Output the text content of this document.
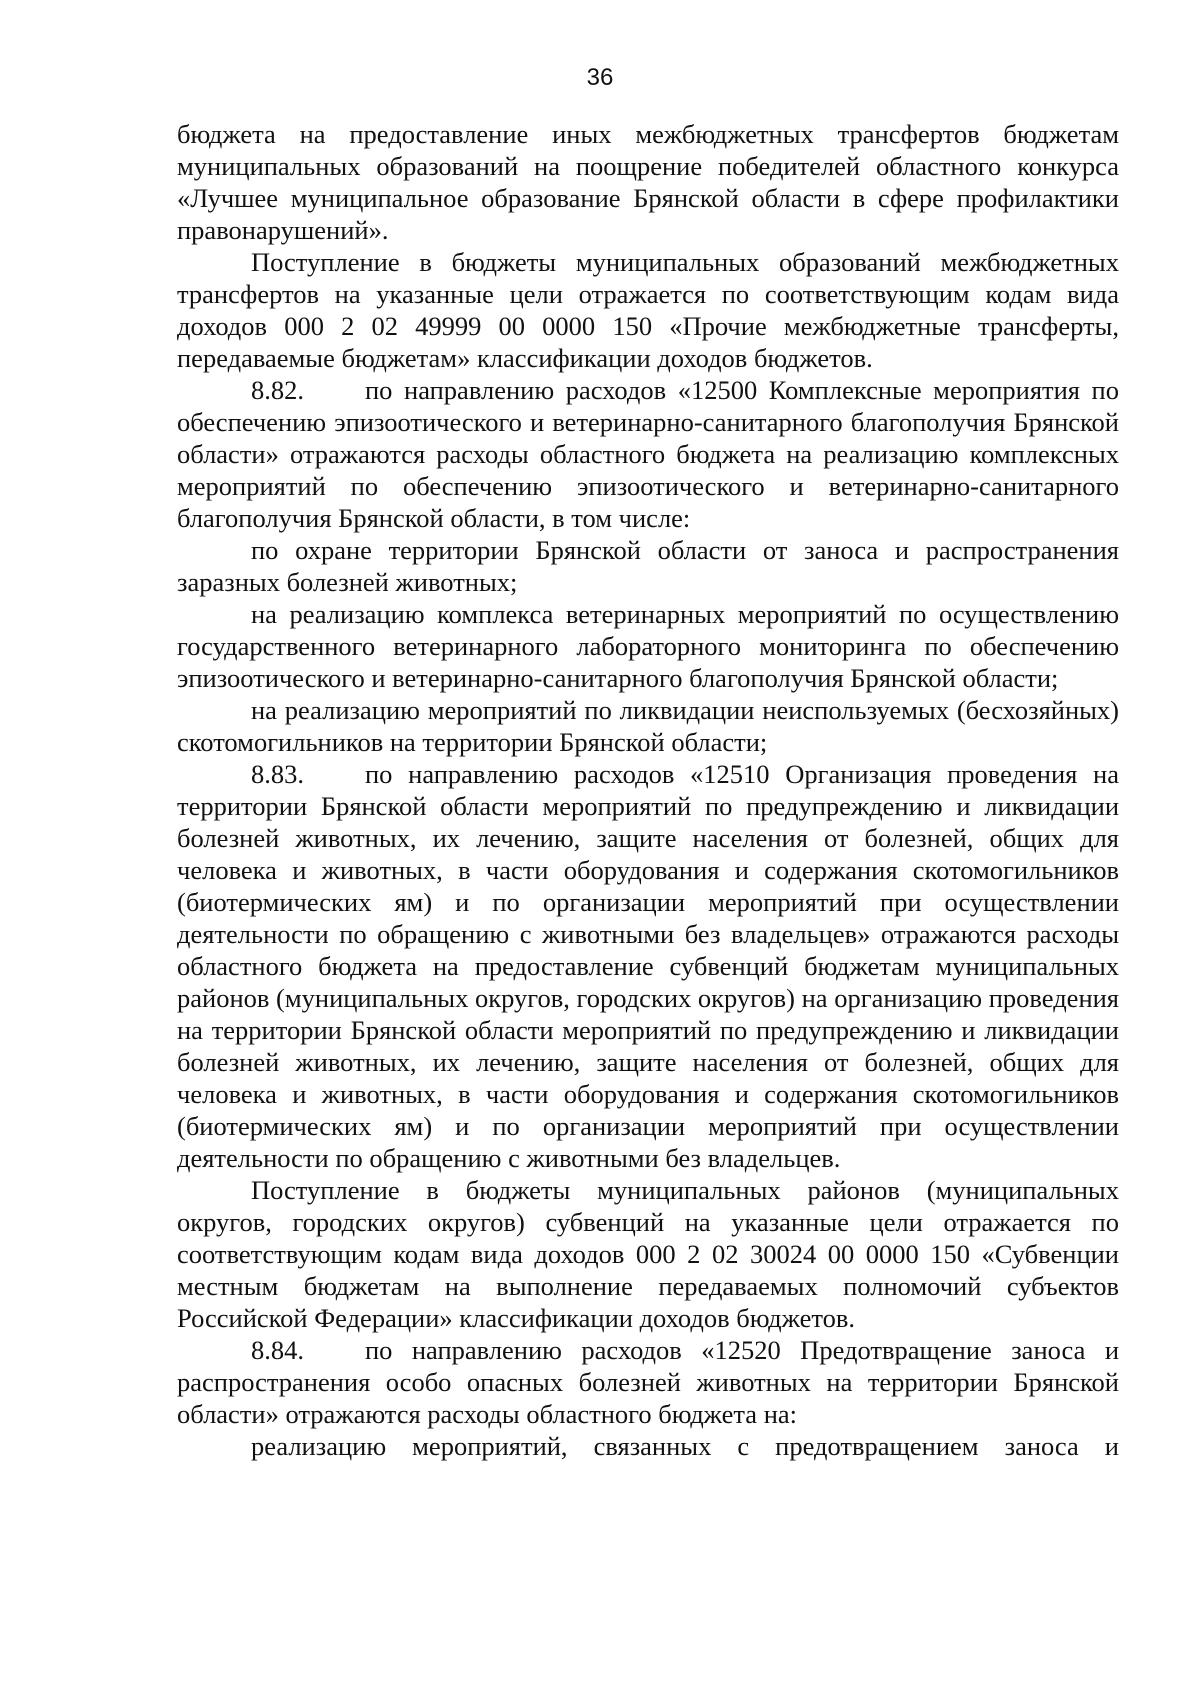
36

бюджета на предоставление иных межбюджетных трансфертов бюджетам муниципальных образований на поощрение победителей областного конкурса «Лучшее муниципальное образование Брянской области в сфере профилактики правонарушений».

Поступление в бюджеты муниципальных образований межбюджетных трансфертов на указанные цели отражается по соответствующим кодам вида доходов 000 2 02 49999 00 0000 150 «Прочие межбюджетные трансферты, передаваемые бюджетам» классификации доходов бюджетов.

8.82. по направлению расходов «12500 Комплексные мероприятия по обеспечению эпизоотического и ветеринарно-санитарного благополучия Брянской области» отражаются расходы областного бюджета на реализацию комплексных мероприятий по обеспечению эпизоотического и ветеринарно-санитарного благополучия Брянской области, в том числе:

по охране территории Брянской области от заноса и распространения заразных болезней животных;

на реализацию комплекса ветеринарных мероприятий по осуществлению государственного ветеринарного лабораторного мониторинга по обеспечению эпизоотического и ветеринарно-санитарного благополучия Брянской области;

на реализацию мероприятий по ликвидации неиспользуемых (бесхозяйных) скотомогильников на территории Брянской области;

8.83. по направлению расходов «12510 Организация проведения на территории Брянской области мероприятий по предупреждению и ликвидации болезней животных, их лечению, защите населения от болезней, общих для человека и животных, в части оборудования и содержания скотомогильников (биотермических ям) и по организации мероприятий при осуществлении деятельности по обращению с животными без владельцев» отражаются расходы областного бюджета на предоставление субвенций бюджетам муниципальных районов (муниципальных округов, городских округов) на организацию проведения на территории Брянской области мероприятий по предупреждению и ликвидации болезней животных, их лечению, защите населения от болезней, общих для человека и животных, в части оборудования и содержания скотомогильников (биотермических ям) и по организации мероприятий при осуществлении деятельности по обращению с животными без владельцев.

Поступление в бюджеты муниципальных районов (муниципальных округов, городских округов) субвенций на указанные цели отражается по соответствующим кодам вида доходов 000 2 02 30024 00 0000 150 «Субвенции местным бюджетам на выполнение передаваемых полномочий субъектов Российской Федерации» классификации доходов бюджетов.

8.84. по направлению расходов «12520 Предотвращение заноса и распространения особо опасных болезней животных на территории Брянской области» отражаются расходы областного бюджета на:

реализацию мероприятий, связанных с предотвращением заноса и
